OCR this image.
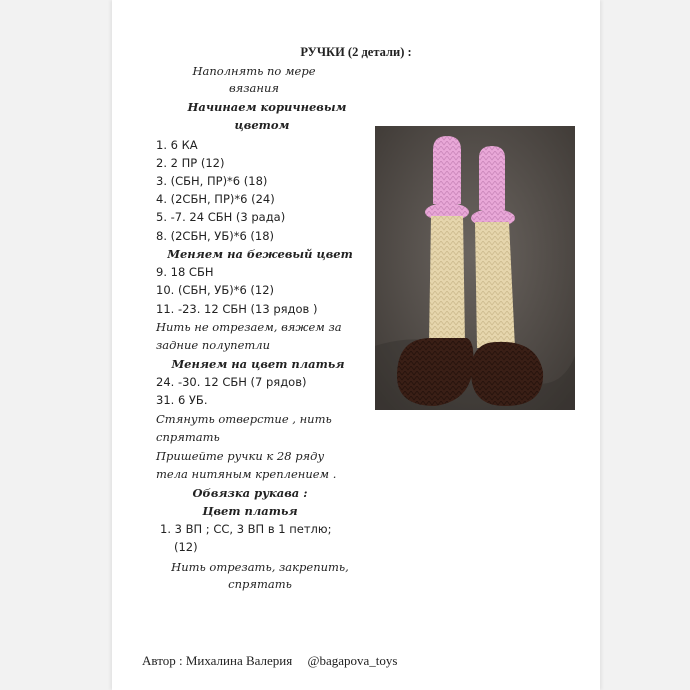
РУЧКИ (2 детали) :
Наполнять по мере
вязания
Начинаем коричневым
цветом
1. 6 КА
2. 2 ПР (12)
3. (СБН, ПР)*6 (18)
4. (2СБН, ПР)*6 (24)
5. -7. 24 СБН (3 рада)
8. (2СБН, УБ)*6 (18)
Меняем на бежевый цвет
9. 18 СБН
10. (СБН, УБ)*6 (12)
11. -23. 12 СБН (13 рядов )
Нить не отрезаем, вяжем за
задние полупетли
Меняем на цвет платья
24. -30. 12 СБН (7 рядов)
31. 6 УБ.
Стянуть отверстие , нить
спрятать
Пришейте ручки к 28 ряду
тела нитяным креплением .
Обвязка рукава :
Цвет платья
1. 3 ВП ; СС, 3 ВП в 1 петлю;
(12)
Нить отрезать, закрепить,
спрятать
Автор : Михалина Валерия @bagapova_toys
